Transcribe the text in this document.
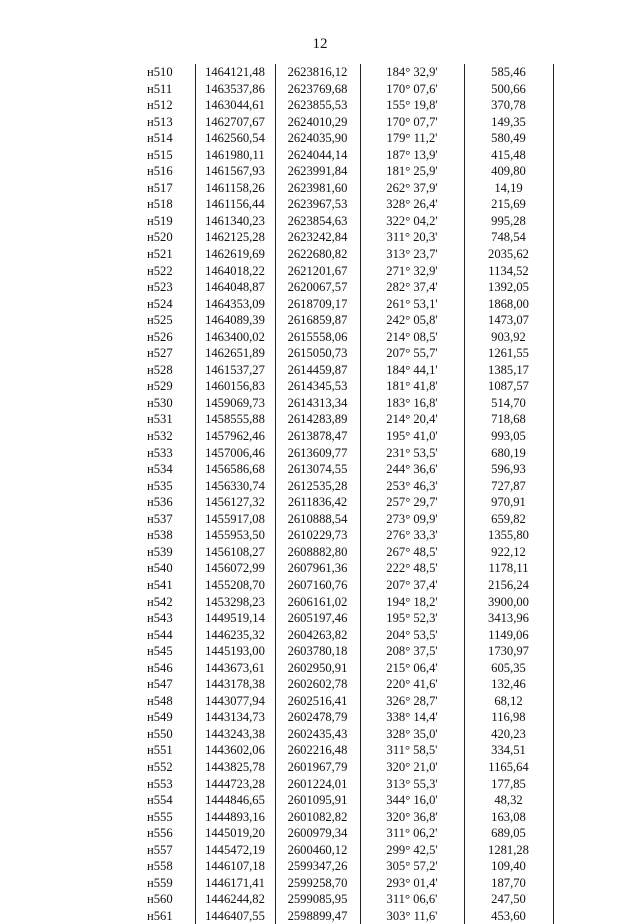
12
н510	1464121,48	2623816,12	184° 32,9'	585,46
н511	1463537,86	2623769,68	170° 07,6'	500,66
н512	1463044,61	2623855,53	155° 19,8'	370,78
н513	1462707,67	2624010,29	170° 07,7'	149,35
н514	1462560,54	2624035,90	179° 11,2'	580,49
н515	1461980,11	2624044,14	187° 13,9'	415,48
н516	1461567,93	2623991,84	181° 25,9'	409,80
н517	1461158,26	2623981,60	262° 37,9'	14,19
н518	1461156,44	2623967,53	328° 26,4'	215,69
н519	1461340,23	2623854,63	322° 04,2'	995,28
н520	1462125,28	2623242,84	311° 20,3'	748,54
н521	1462619,69	2622680,82	313° 23,7'	2035,62
н522	1464018,22	2621201,67	271° 32,9'	1134,52
н523	1464048,87	2620067,57	282° 37,4'	1392,05
н524	1464353,09	2618709,17	261° 53,1'	1868,00
н525	1464089,39	2616859,87	242° 05,8'	1473,07
н526	1463400,02	2615558,06	214° 08,5'	903,92
н527	1462651,89	2615050,73	207° 55,7'	1261,55
н528	1461537,27	2614459,87	184° 44,1'	1385,17
н529	1460156,83	2614345,53	181° 41,8'	1087,57
н530	1459069,73	2614313,34	183° 16,8'	514,70
н531	1458555,88	2614283,89	214° 20,4'	718,68
н532	1457962,46	2613878,47	195° 41,0'	993,05
н533	1457006,46	2613609,77	231° 53,5'	680,19
н534	1456586,68	2613074,55	244° 36,6'	596,93
н535	1456330,74	2612535,28	253° 46,3'	727,87
н536	1456127,32	2611836,42	257° 29,7'	970,91
н537	1455917,08	2610888,54	273° 09,9'	659,82
н538	1455953,50	2610229,73	276° 33,3'	1355,80
н539	1456108,27	2608882,80	267° 48,5'	922,12
н540	1456072,99	2607961,36	222° 48,5'	1178,11
н541	1455208,70	2607160,76	207° 37,4'	2156,24
н542	1453298,23	2606161,02	194° 18,2'	3900,00
н543	1449519,14	2605197,46	195° 52,3'	3413,96
н544	1446235,32	2604263,82	204° 53,5'	1149,06
н545	1445193,00	2603780,18	208° 37,5'	1730,97
н546	1443673,61	2602950,91	215° 06,4'	605,35
н547	1443178,38	2602602,78	220° 41,6'	132,46
н548	1443077,94	2602516,41	326° 28,7'	68,12
н549	1443134,73	2602478,79	338° 14,4'	116,98
н550	1443243,38	2602435,43	328° 35,0'	420,23
н551	1443602,06	2602216,48	311° 58,5'	334,51
н552	1443825,78	2601967,79	320° 21,0'	1165,64
н553	1444723,28	2601224,01	313° 55,3'	177,85
н554	1444846,65	2601095,91	344° 16,0'	48,32
н555	1444893,16	2601082,82	320° 36,8'	163,08
н556	1445019,20	2600979,34	311° 06,2'	689,05
н557	1445472,19	2600460,12	299° 42,5'	1281,28
н558	1446107,18	2599347,26	305° 57,2'	109,40
н559	1446171,41	2599258,70	293° 01,4'	187,70
н560	1446244,82	2599085,95	311° 06,6'	247,50
н561	1446407,55	2598899,47	303° 11,6'	453,60
